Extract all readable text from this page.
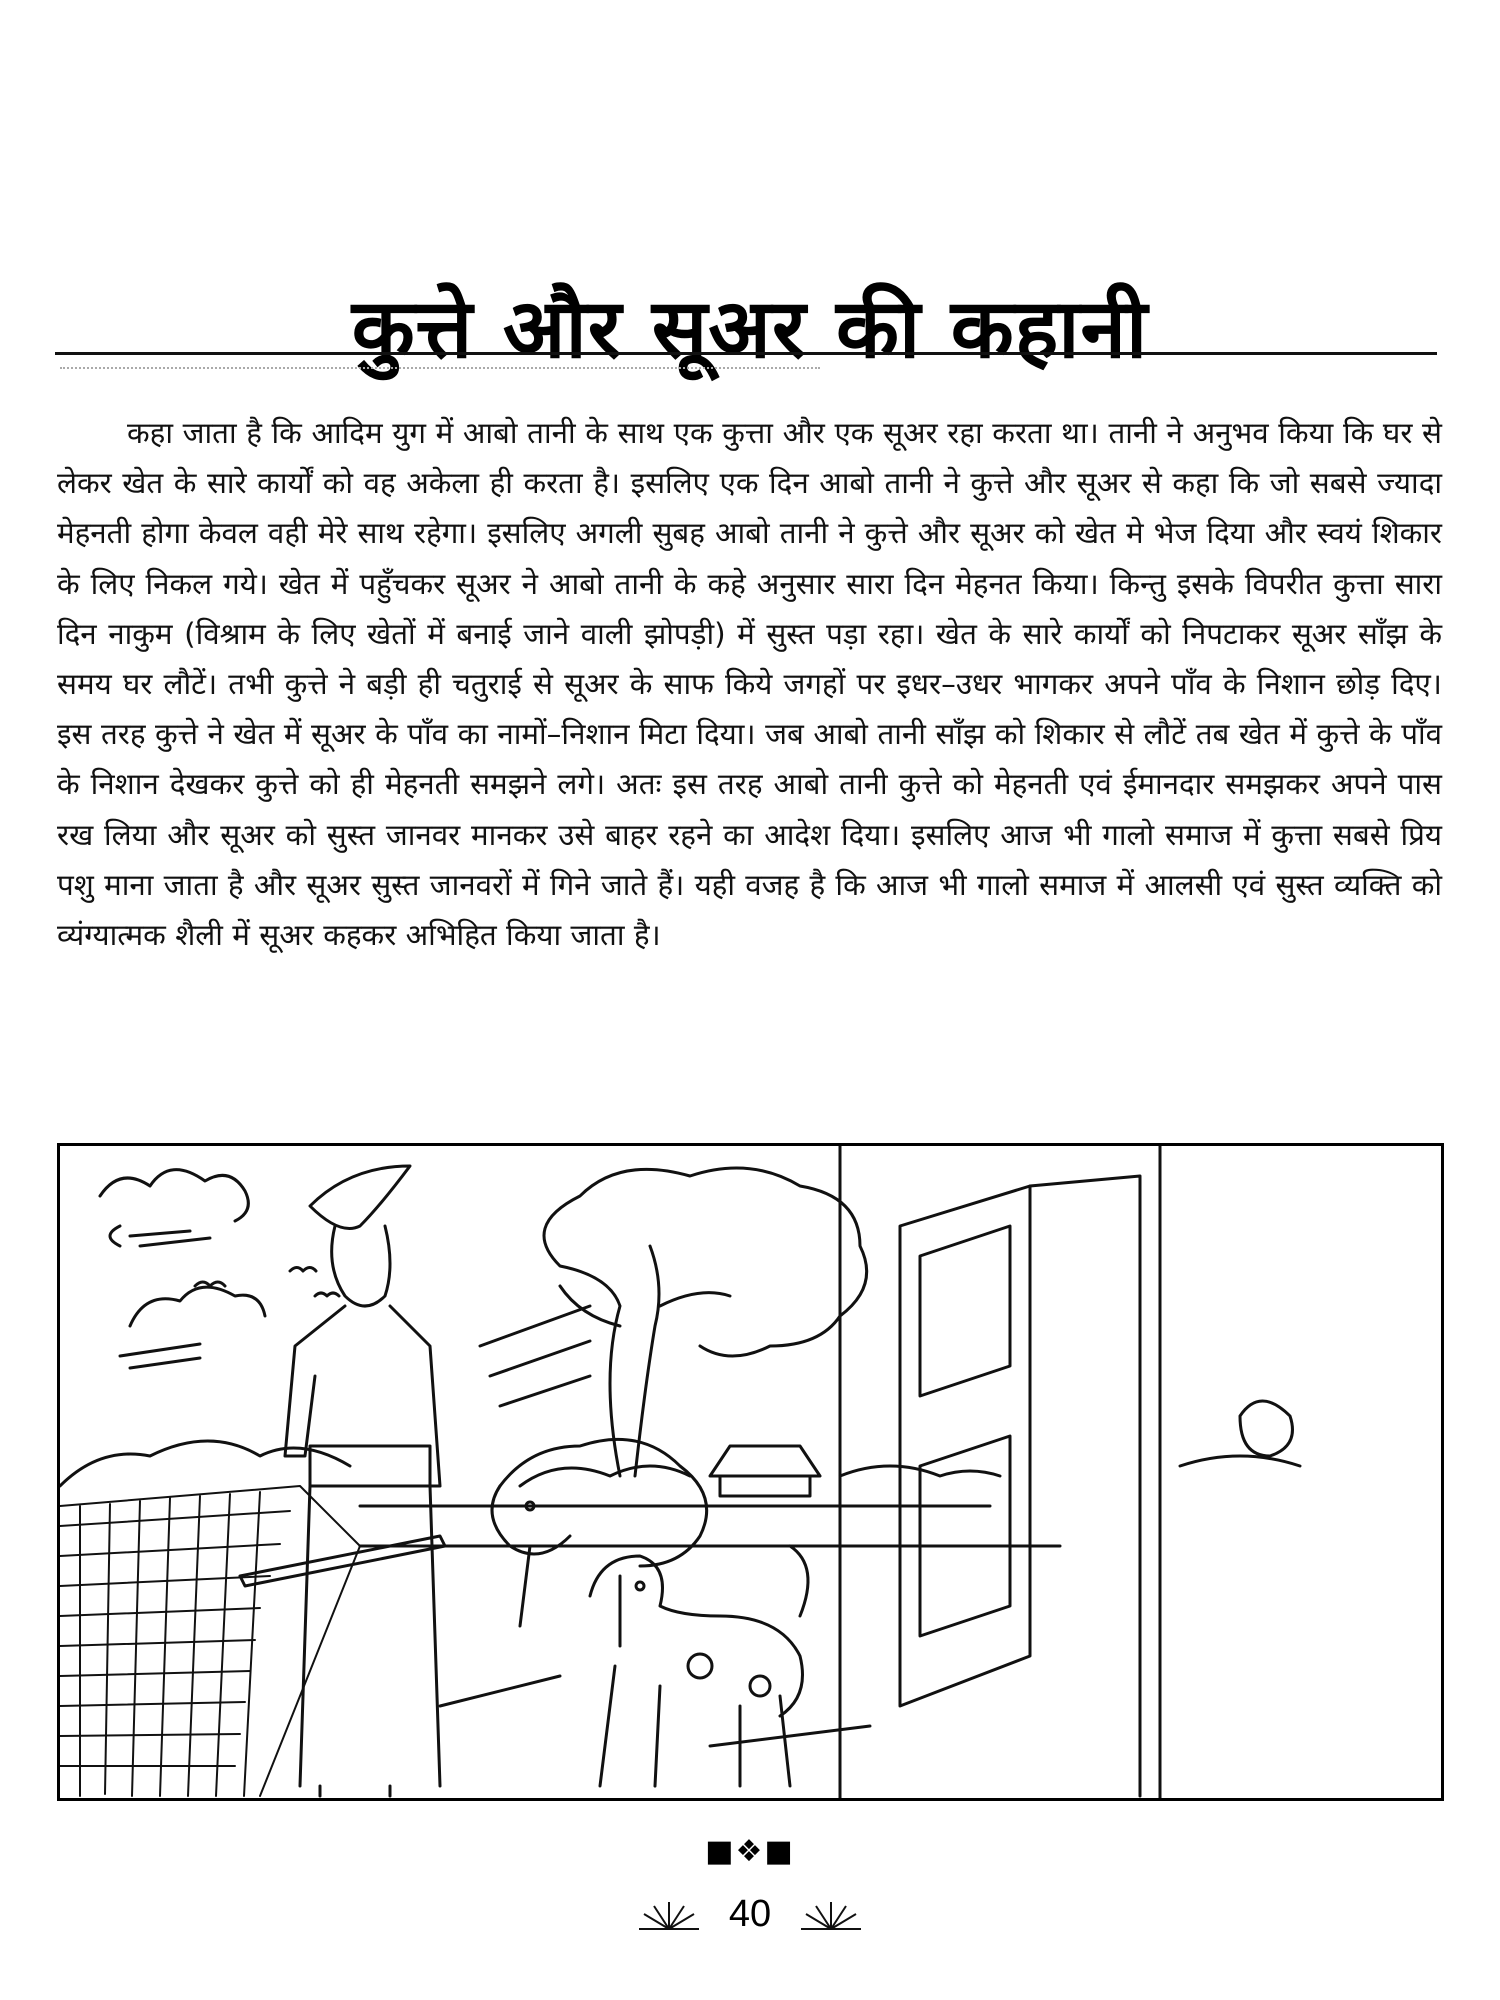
कुत्ते और सूअर की कहानी

कहा जाता है कि आदिम युग में आबो तानी के साथ एक कुत्ता और एक सूअर रहा करता था। तानी ने अनुभव किया कि घर से लेकर खेत के सारे कार्यों को वह अकेला ही करता है। इसलिए एक दिन आबो तानी ने कुत्ते और सूअर से कहा कि जो सबसे ज्यादा मेहनती होगा केवल वही मेरे साथ रहेगा। इसलिए अगली सुबह आबो तानी ने कुत्ते और सूअर को खेत मे भेज दिया और स्वयं शिकार के लिए निकल गये। खेत में पहुँचकर सूअर ने आबो तानी के कहे अनुसार सारा दिन मेहनत किया। किन्तु इसके विपरीत कुत्ता सारा दिन नाकुम (विश्राम के लिए खेतों में बनाई जाने वाली झोपड़ी) में सुस्त पड़ा रहा। खेत के सारे कार्यों को निपटाकर सूअर साँझ के समय घर लौटें। तभी कुत्ते ने बड़ी ही चतुराई से सूअर के साफ किये जगहों पर इधर–उधर भागकर अपने पाँव के निशान छोड़ दिए। इस तरह कुत्ते ने खेत में सूअर के पाँव का नामों–निशान मिटा दिया। जब आबो तानी साँझ को शिकार से लौटें तब खेत में कुत्ते के पाँव के निशान देखकर कुत्ते को ही मेहनती समझने लगे। अतः इस तरह आबो तानी कुत्ते को मेहनती एवं ईमानदार समझकर अपने पास रख लिया और सूअर को सुस्त जानवर मानकर उसे बाहर रहने का आदेश दिया। इसलिए आज भी गालो समाज में कुत्ता सबसे प्रिय पशु माना जाता है और सूअर सुस्त जानवरों में गिने जाते हैं। यही वजह है कि आज भी गालो समाज में आलसी एवं सुस्त व्यक्ति को व्यंग्यात्मक शैली में सूअर कहकर अभिहित किया जाता है।

■❖■
40
